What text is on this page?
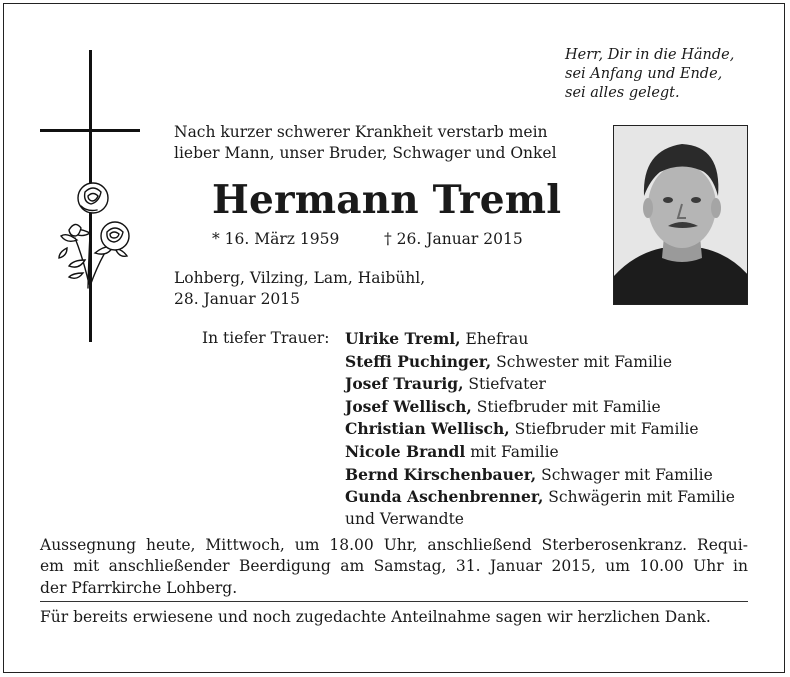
Herr, Dir in die Hände,
sei Anfang und Ende,
sei alles gelegt.
Nach kurzer schwerer Krankheit verstarb mein
lieber Mann, unser Bruder, Schwager und Onkel
Hermann Treml
* 16. März 1959	† 26. Januar 2015
Lohberg, Vilzing, Lam, Haibühl,
28. Januar 2015
In tiefer Trauer: Ulrike Treml, Ehefrau
Steffi Puchinger, Schwester mit Familie
Josef Traurig, Stiefvater
Josef Wellisch, Stiefbruder mit Familie
Christian Wellisch, Stiefbruder mit Familie
Nicole Brandl mit Familie
Bernd Kirschenbauer, Schwager mit Familie
Gunda Aschenbrenner, Schwägerin mit Familie
und Verwandte
Aussegnung heute, Mittwoch, um 18.00 Uhr, anschließend Sterberosenkranz. Requi-
em mit anschließender Beerdigung am Samstag, 31. Januar 2015, um 10.00 Uhr in
der Pfarrkirche Lohberg.
Für bereits erwiesene und noch zugedachte Anteilnahme sagen wir herzlichen Dank.
